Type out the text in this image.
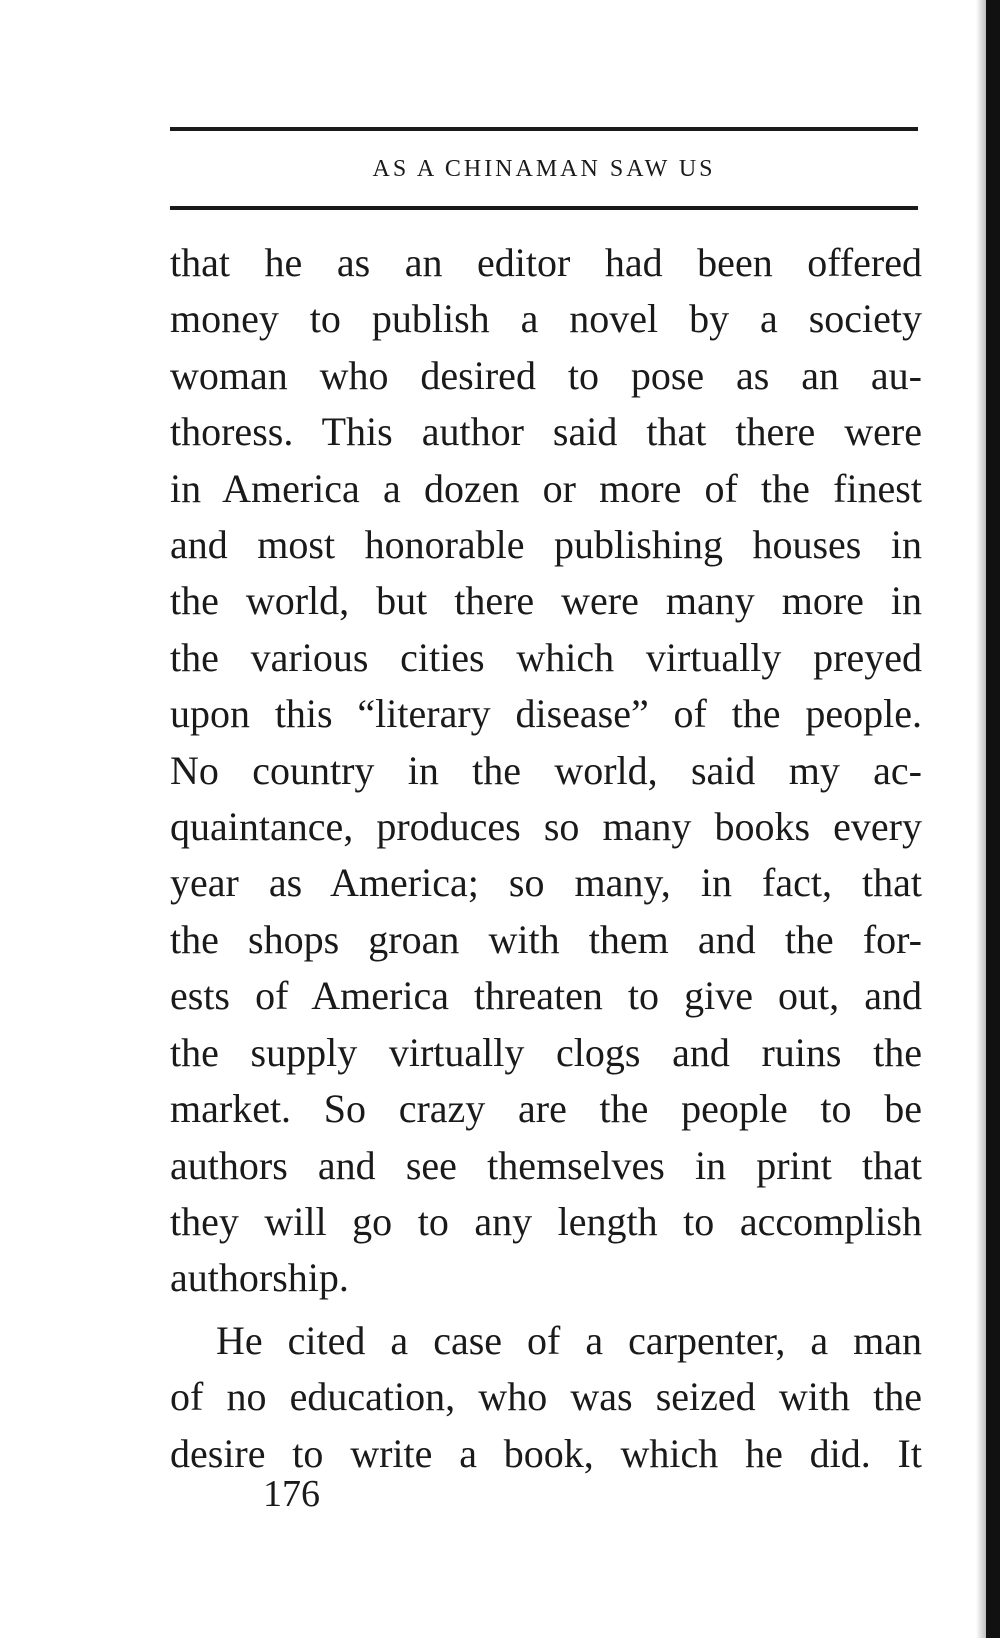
AS A CHINAMAN SAW US
that he as an editor had been offered
money to publish a novel by a society
woman who desired to pose as an au-
thoress. This author said that there were
in America a dozen or more of the finest
and most honorable publishing houses in
the world, but there were many more in
the various cities which virtually preyed
upon this “literary disease” of the people.
No country in the world, said my ac-
quaintance, produces so many books every
year as America; so many, in fact, that
the shops groan with them and the for-
ests of America threaten to give out, and
the supply virtually clogs and ruins the
market. So crazy are the people to be
authors and see themselves in print that
they will go to any length to accomplish
authorship.
He cited a case of a carpenter, a man
of no education, who was seized with the
desire to write a book, which he did. It
176
